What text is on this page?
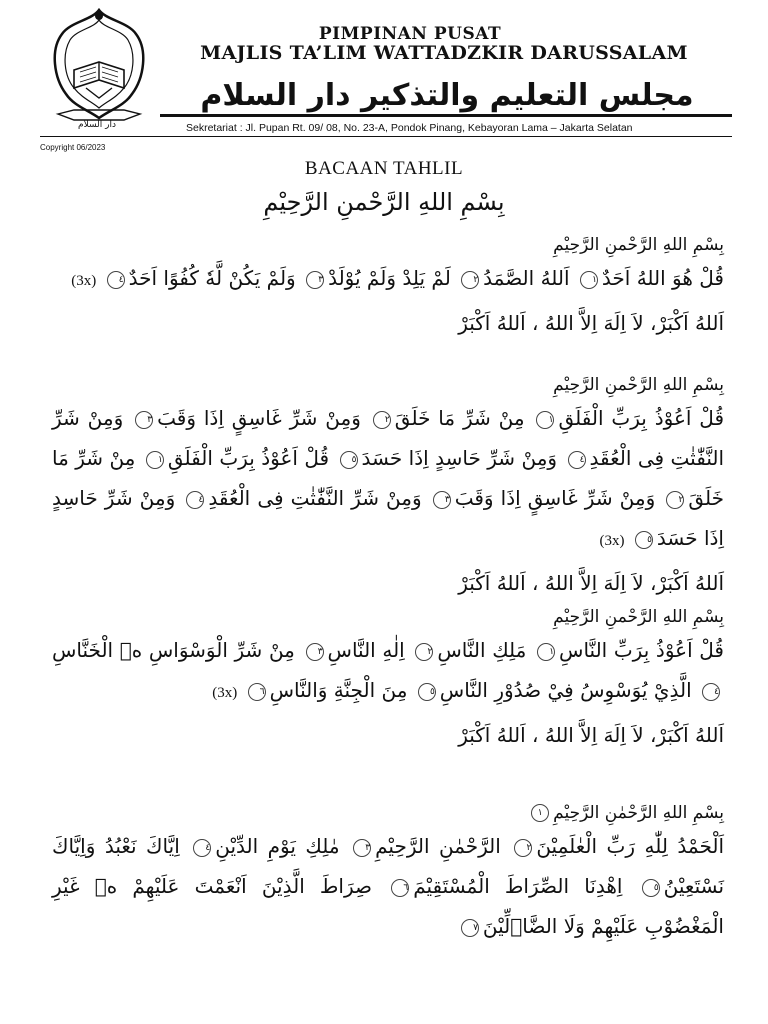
دار السلام
PIMPINAN PUSAT
MAJLIS TA’LIM WATTADZKIR DARUSSALAM
مجلس التعليم والتذكير دار السلام
Sekretariat : Jl. Pupan Rt. 09/ 08, No. 23-A, Pondok Pinang, Kebayoran Lama – Jakarta Selatan
Copyright 06/2023
BACAAN TAHLIL
بِسْمِ اللهِ الرَّحْمنِ الرَّحِيْمِ
بِسْمِ اللهِ الرَّحْمنِ الرَّحِيْمِ
قُلْ هُوَ اللهُ اَحَدٌ١ اَللهُ الصَّمَدُ٢ لَمْ يَلِدْ وَلَمْ يُوْلَدْ٣ وَلَمْ يَكُنْ لَّهٗ كُفُوًا اَحَدٌ٤ (3x)
اَللهُ اَكْبَرْ، لاَ اِلَهَ اِلاَّ اللهُ ، اَللهُ اَكْبَرْ
بِسْمِ اللهِ الرَّحْمنِ الرَّحِيْمِ
قُلْ اَعُوْذُ بِرَبِّ الْفَلَقِ١ مِنْ شَرِّ مَا خَلَقَ٢ وَمِنْ شَرِّ غَاسِقٍ اِذَا وَقَبَ٣ وَمِنْ شَرِّ النَّفّٰثٰتِ فِى الْعُقَدِ٤ وَمِنْ شَرِّ حَاسِدٍ اِذَا حَسَدَ٥ قُلْ اَعُوْذُ بِرَبِّ الْفَلَقِ١ مِنْ شَرِّ مَا خَلَقَ٢ وَمِنْ شَرِّ غَاسِقٍ اِذَا وَقَبَ٣ وَمِنْ شَرِّ النَّفّٰثٰتِ فِى الْعُقَدِ٤ وَمِنْ شَرِّ حَاسِدٍ اِذَا حَسَدَ٥ (3x)
اَللهُ اَكْبَرْ، لاَ اِلَهَ اِلاَّ اللهُ ، اَللهُ اَكْبَرْ
بِسْمِ اللهِ الرَّحْمنِ الرَّحِيْمِ
قُلْ اَعُوْذُ بِرَبِّ النَّاسِ١ مَلِكِ النَّاسِ٢ اِلٰهِ النَّاسِ٣ مِنْ شَرِّ الْوَسْوَاسِ ەۙ الْخَنَّاسِ٤ الَّذِيْ يُوَسْوِسُ فِيْ صُدُوْرِ النَّاسِ٥ مِنَ الْجِنَّةِ وَالنَّاسِ٦ (3x)
اَللهُ اَكْبَرْ، لاَ اِلَهَ اِلاَّ اللهُ ، اَللهُ اَكْبَرْ
بِسْمِ اللهِ الرَّحْمٰنِ الرَّحِيْمِ١
اَلْحَمْدُ لِلّٰهِ رَبِّ الْعٰلَمِيْنَ٢ الرَّحْمٰنِ الرَّحِيْمِ٣ مٰلِكِ يَوْمِ الدِّيْنِ٤ اِيَّاكَ نَعْبُدُ وَاِيَّاكَ نَسْتَعِيْنُ٥ اِهْدِنَا الصِّرَاطَ الْمُسْتَقِيْمَ٦ صِرَاطَ الَّذِيْنَ اَنْعَمْتَ عَلَيْهِمْ ەۙ غَيْرِ الْمَغْضُوْبِ عَلَيْهِمْ وَلَا الضَّاۤلِّيْنَ٧
